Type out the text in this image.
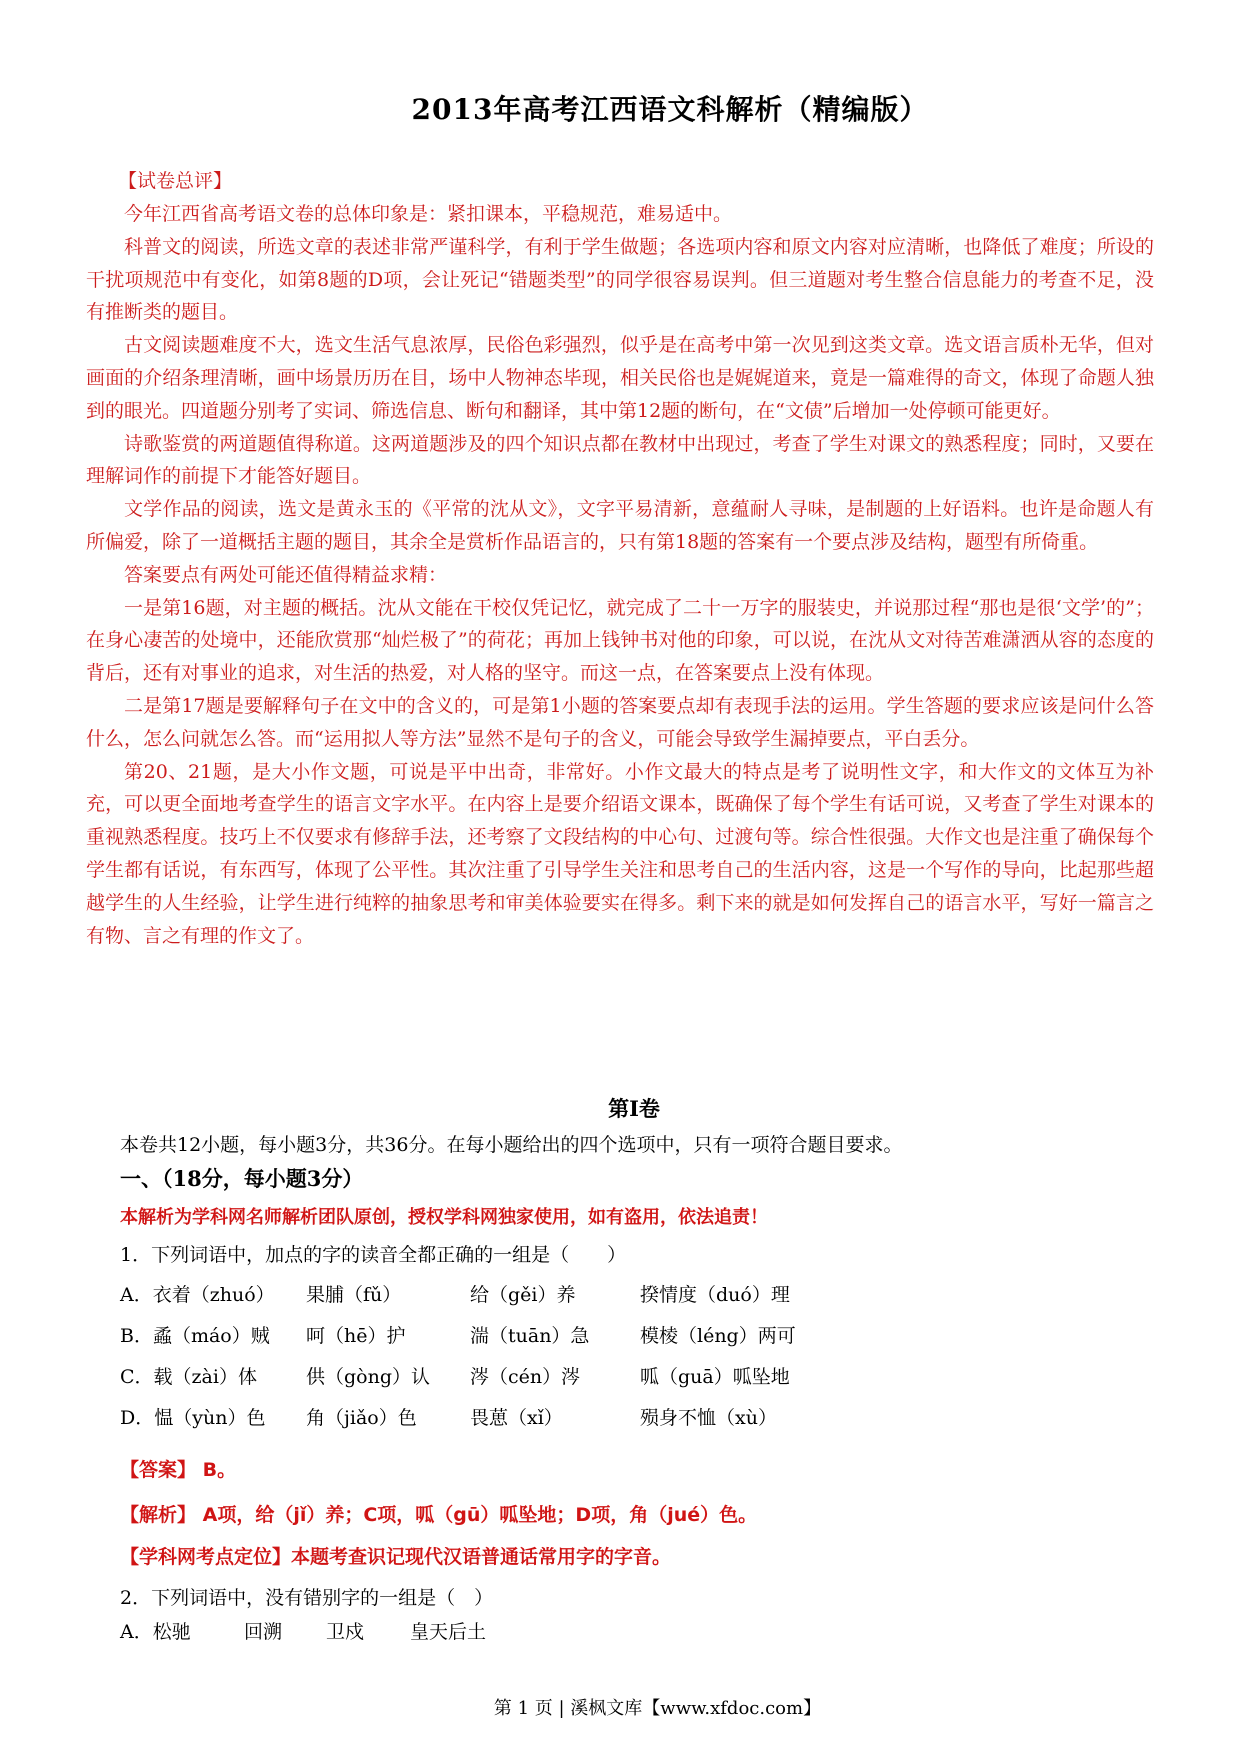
2013年高考江西语文科解析（精编版）
【试卷总评】

今年江西省高考语文卷的总体印象是：紧扣课本，平稳规范，难易适中。

科普文的阅读，所选文章的表述非常严谨科学，有利于学生做题；各选项内容和原文内容对应清晰，也降低了难度；所设的干扰项规范中有变化，如第8题的D项，会让死记“错题类型”的同学很容易误判。但三道题对考生整合信息能力的考查不足，没有推断类的题目。

古文阅读题难度不大，选文生活气息浓厚，民俗色彩强烈，似乎是在高考中第一次见到这类文章。选文语言质朴无华，但对画面的介绍条理清晰，画中场景历历在目，场中人物神态毕现，相关民俗也是娓娓道来，竟是一篇难得的奇文，体现了命题人独到的眼光。四道题分别考了实词、筛选信息、断句和翻译，其中第12题的断句，在“文债”后增加一处停顿可能更好。

诗歌鉴赏的两道题值得称道。这两道题涉及的四个知识点都在教材中出现过，考查了学生对课文的熟悉程度；同时，又要在理解词作的前提下才能答好题目。

文学作品的阅读，选文是黄永玉的《平常的沈从文》，文字平易清新，意蕴耐人寻味，是制题的上好语料。也许是命题人有所偏爱，除了一道概括主题的题目，其余全是赏析作品语言的，只有第18题的答案有一个要点涉及结构，题型有所倚重。

答案要点有两处可能还值得精益求精：

一是第16题，对主题的概括。沈从文能在干校仅凭记忆，就完成了二十一万字的服装史，并说那过程“那也是很‘文学’的”；在身心凄苦的处境中，还能欣赏那“灿烂极了”的荷花；再加上钱钟书对他的印象，可以说，在沈从文对待苦难潇洒从容的态度的背后，还有对事业的追求，对生活的热爱，对人格的坚守。而这一点，在答案要点上没有体现。

二是第17题是要解释句子在文中的含义的，可是第1小题的答案要点却有表现手法的运用。学生答题的要求应该是问什么答什么，怎么问就怎么答。而“运用拟人等方法”显然不是句子的含义，可能会导致学生漏掉要点，平白丢分。

第20、21题，是大小作文题，可说是平中出奇，非常好。小作文最大的特点是考了说明性文字，和大作文的文体互为补充，可以更全面地考查学生的语言文字水平。在内容上是要介绍语文课本，既确保了每个学生有话可说，又考查了学生对课本的重视熟悉程度。技巧上不仅要求有修辞手法，还考察了文段结构的中心句、过渡句等。综合性很强。大作文也是注重了确保每个学生都有话说，有东西写，体现了公平性。其次注重了引导学生关注和思考自己的生活内容，这是一个写作的导向，比起那些超越学生的人生经验，让学生进行纯粹的抽象思考和审美体验要实在得多。剩下来的就是如何发挥自己的语言水平，写好一篇言之有物、言之有理的作文了。

第Ⅰ卷
本卷共12小题，每小题3分，共36分。在每小题给出的四个选项中，只有一项符合题目要求。
一、（18分，每小题3分）
本解析为学科网名师解析团队原创，授权学科网独家使用，如有盗用，依法追责！
1．下列词语中，加点的字的读音全都正确的一组是（　　）
A．衣着（zhuó） 果脯（fǔ）	给（gěi）养	揆情度（duó）理
B．蟊（máo）贼 呵（hē）护	湍（tuān）急	模棱（léng）两可
C．载（zài）体	供（gòng）认 涔（cén）涔	呱（guā）呱坠地
D．愠（yùn）色 角（jiǎo）色	畏葸（xǐ）	殒身不恤（xù）
【答案】 B。
【解析】 A项，给（jǐ）养；C项，呱（gū）呱坠地；D项，角（jué）色。
【学科网考点定位】本题考查识记现代汉语普通话常用字的字音。
2．下列词语中，没有错别字的一组是（　）
A．松驰	回溯 卫戍 皇天后土
第 1 页 | 溪枫文库【www.xfdoc.com】
